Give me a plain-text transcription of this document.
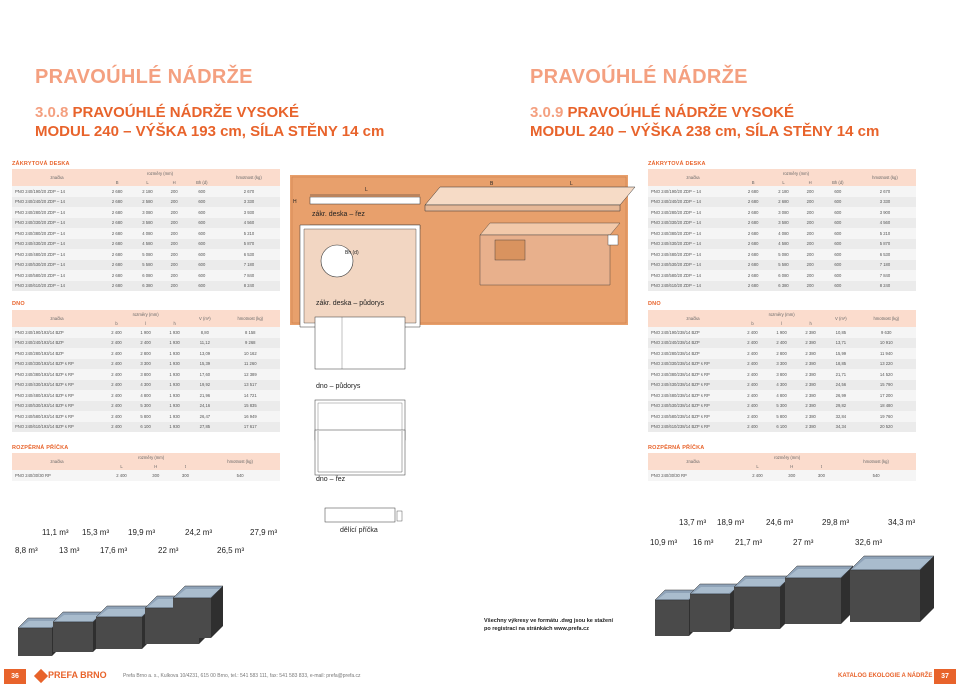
PRAVOÚHLÉ NÁDRŽE
3.0.8 PRAVOÚHLÉ NÁDRŽE VYSOKÉ
MODUL 240 – VÝŠKA 193 cm, SÍLA STĚNY 14 cm
PRAVOÚHLÉ NÁDRŽE
3.0.9 PRAVOÚHLÉ NÁDRŽE VYSOKÉ
MODUL 240 – VÝŠKA 238 cm, SÍLA STĚNY 14 cm
ZÁKRYTOVÁ DESKA
značka	rozměry (mm)				hmotnost (kg)
	B	L	H	Bh (d)	
PNO 240/190/20 ZDP – 14	2 680	2 180	200	600	2 670
PNO 240/240/20 ZDP – 14	2 680	2 580	200	600	3 330
PNO 240/280/20 ZDP – 14	2 680	3 080	200	600	3 930
PNO 240/330/20 ZDP – 14	2 680	3 580	200	600	4 560
PNO 240/380/20 ZDP – 14	2 680	4 080	200	600	5 210
PNO 240/430/20 ZDP – 14	2 680	4 580	200	600	5 870
PNO 240/480/20 ZDP – 14	2 680	5 080	200	600	6 530
PNO 240/530/20 ZDP – 14	2 680	5 580	200	600	7 180
PNO 240/580/20 ZDP – 14	2 680	6 080	200	600	7 840
PNO 240/610/20 ZDP – 14	2 680	6 380	200	600	8 240
DNO
značka	rozměry (mm)			V (m³)	hmotnost (kg)
	b	l	h		
PNO 240/190/193/14 BZP	2 400	1 900	1 930	8,80	8 158
PNO 240/240/193/14 BZP	2 400	2 400	1 930	11,12	9 268
PNO 240/280/193/14 BZP	2 400	2 800	1 930	13,09	10 162
PNO 240/330/193/14 BZP s RP	2 400	3 300	1 930	15,39	11 260
PNO 240/380/193/14 BZP s RP	2 400	3 800	1 930	17,60	12 389
PNO 240/430/193/14 BZP s RP	2 400	4 300	1 930	19,92	13 517
PNO 240/480/193/14 BZP s RP	2 400	4 800	1 930	21,96	14 721
PNO 240/530/193/14 BZP s RP	2 400	5 300	1 930	24,16	15 835
PNO 240/580/193/14 BZP s RP	2 400	5 800	1 930	26,47	16 949
PNO 240/610/193/14 BZP s RP	2 400	6 100	1 930	27,85	17 617
ROZPĚRNÁ PŘÍČKA
značka	rozměry (mm)			hmotnost (kg)
	L	H	t	
PNO 240/30/30 RP	2 400	300	300	540
ZÁKRYTOVÁ DESKA
značka	rozměry (mm)				hmotnost (kg)
	B	L	H	Bh (d)	
PNO 240/190/20 ZDP – 14	2 680	2 180	200	600	2 670
PNO 240/240/20 ZDP – 14	2 680	2 680	200	600	3 330
PNO 240/280/20 ZDP – 14	2 680	3 080	200	600	3 900
PNO 240/330/20 ZDP – 14	2 680	3 580	200	600	4 560
PNO 240/380/20 ZDP – 14	2 680	4 080	200	600	5 210
PNO 240/430/20 ZDP – 14	2 680	4 580	200	600	5 870
PNO 240/480/20 ZDP – 14	2 680	5 080	200	600	6 530
PNO 240/530/20 ZDP – 14	2 680	5 580	200	600	7 180
PNO 240/580/20 ZDP – 14	2 680	6 080	200	600	7 840
PNO 240/610/20 ZDP – 14	2 680	6 380	200	600	8 240
DNO
značka	rozměry (mm)			V (m³)	hmotnost (kg)
	b	l	h		
PNO 240/190/238/14 BZP	2 400	1 900	2 380	10,85	9 630
PNO 240/240/238/14 BZP	2 400	2 400	2 380	13,71	10 910
PNO 240/280/238/14 BZP	2 400	2 800	2 380	15,99	11 940
PNO 240/330/238/14 BZP s RP	2 400	3 300	2 380	18,85	13 220
PNO 240/380/238/14 BZP s RP	2 400	3 800	2 380	21,71	14 520
PNO 240/430/238/14 BZP s RP	2 400	4 300	2 380	24,56	15 790
PNO 240/480/238/14 BZP s RP	2 400	4 800	2 380	26,99	17 200
PNO 240/530/238/14 BZP s RP	2 400	5 300	2 380	29,82	18 480
PNO 240/580/238/14 BZP s RP	2 400	5 800	2 380	32,84	19 760
PNO 240/610/238/14 BZP s RP	2 400	6 100	2 380	34,34	20 520
ROZPĚRNÁ PŘÍČKA
značka	rozměry (mm)			hmotnost (kg)
	L	H	t	
PNO 240/30/30 RP	2 400	300	300	540
Bh (d)
H
L
B	L
zákr. deska – řez
zákr. deska – půdorys
dno – půdorys
dno – řez
dělící příčka
Všechny výkresy ve formátu .dwg jsou ke stažení
po registraci na stránkách www.prefa.cz
11,1 m³ 15,3 m³ 19,9 m³	24,2 m³	27,9 m³
8,8 m³	13 m³	17,6 m³	22 m³	26,5 m³
13,7 m³ 18,9 m³	24,6 m³	29,8 m³	34,3 m³
10,9 m³ 16 m³	21,7 m³	27 m³	32,6 m³
36	PREFA BRNO	Prefa Brno a. s., Kulkova 10/4231, 615 00 Brno, tel.: 541 583 111, fax: 541 583 833, e-mail: prefa@prefa.cz	KATALOG EKOLOGIE A NÁDRŽE	37
